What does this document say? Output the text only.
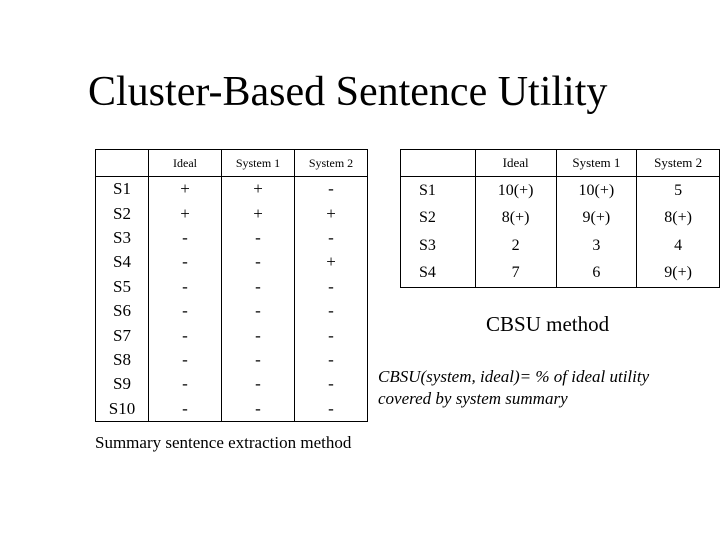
Cluster-Based Sentence Utility
	Ideal	System 1	System 2
S1	+	+	-
S2	+	+	+
S3	-	-	-
S4	-	-	+
S5	-	-	-
S6	-	-	-
S7	-	-	-
S8	-	-	-
S9	-	-	-
S10	-	-	-
Summary sentence extraction method
	Ideal	System 1	System 2
S1	10(+)	10(+)	5
S2	8(+)	9(+)	8(+)
S3	2	3	4
S4	7	6	9(+)
CBSU method
CBSU(system, ideal)= % of ideal utility
covered by system summary
